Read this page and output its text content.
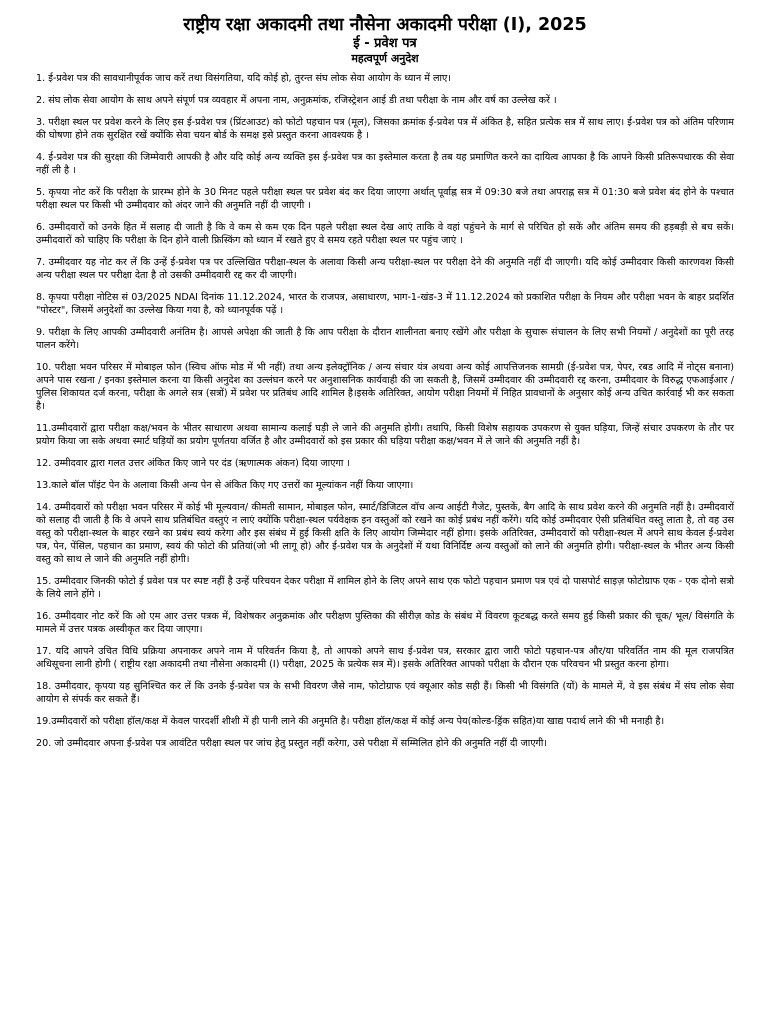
राष्ट्रीय रक्षा अकादमी तथा नौसेना अकादमी परीक्षा (I), 2025
ई - प्रवेश पत्र
महत्वपूर्ण अनुदेश
1. ई-प्रवेश पत्र की सावधानीपूर्वक जाच करें तथा विसंगतिया, यदि कोई हो, तुरन्त संघ लोक सेवा आयोग के ध्यान में लाए।
2. संघ लोक सेवा आयोग के साथ अपने संपूर्ण पत्र व्यवहार में अपना नाम, अनुक्रमांक, रजिस्ट्रेशन आई डी तथा परीक्षा के नाम और वर्ष का उल्लेख करें ।
3. परीक्षा स्थल पर प्रवेश करने के लिए इस ई-प्रवेश पत्र (प्रिंटआउट) को फोटो पहचान पत्र (मूल), जिसका क्रमांक ई-प्रवेश पत्र में अंकित है, सहित प्रत्येक सत्र में साथ लाए। ई-प्रवेश पत्र को अंतिम परिणाम की घोषणा होने तक सुरक्षित रखें क्योंकि सेवा चयन बोर्ड के समक्ष इसे प्रस्तुत करना आवश्यक है ।
4. ई-प्रवेश पत्र की सुरक्षा की जिम्मेवारी आपकी है और यदि कोई अन्य व्यक्ति इस ई-प्रवेश पत्र का इस्तेमाल करता है तब यह प्रमाणित करने का दायित्व आपका है कि आपने किसी प्रतिरूपधारक की सेवा नहीं ली है ।
5. कृपया नोट करें कि परीक्षा के प्रारम्भ होने के 30 मिनट पहले परीक्षा स्थल पर प्रवेश बंद कर दिया जाएगा अर्थात् पूर्वाह्न सत्र में 09:30 बजे तथा अपराह्न सत्र में 01:30 बजे प्रवेश बंद होने के पश्चात परीक्षा स्थल पर किसी भी उम्मीदवार को अंदर जाने की अनुमति नहीं दी जाएगी ।
6. उम्मीदवारों को उनके हित में सलाह दी जाती है कि वे कम से कम एक दिन पहले परीक्षा स्थल देख आएं ताकि वे वहां पहुंचने के मार्ग से परिचित हो सकें और अंतिम समय की हड़बड़ी से बच सकें। उम्मीदवारों को चाहिए कि परीक्षा के दिन होने वाली फ्रिस्किंग को ध्यान में रखते हुए वे समय रहते परीक्षा स्थल पर पहुंच जाएं ।
7. उम्मीदवार यह नोट कर लें कि उन्हें ई-प्रवेश पत्र पर उल्लिखित परीक्षा-स्थल के अलावा किसी अन्य परीक्षा-स्थल पर परीक्षा देने की अनुमति नहीं दी जाएगी। यदि कोई उम्मीदवार किसी कारणवश किसी अन्य परीक्षा स्थल पर परीक्षा देता है तो उसकी उम्मीदवारी रद्द कर दी जाएगी।
8. कृपया परीक्षा नोटिस सं 03/2025 NDAI दिनांक 11.12.2024, भारत के राजपत्र, असाधारण, भाग-1-खंड-3 में 11.12.2024 को प्रकाशित परीक्षा के नियम और परीक्षा भवन के बाहर प्रदर्शित "पोस्टर", जिसमें अनुदेशों का उल्लेख किया गया है, को ध्यानपूर्वक पढ़ें ।
9. परीक्षा के लिए आपकी उम्मीदवारी अनंतिम है। आपसे अपेक्षा की जाती है कि आप परीक्षा के दौरान शालीनता बनाए रखेंगे और परीक्षा के सुचारू संचालन के लिए सभी नियमों / अनुदेशों का पूरी तरह पालन करेंगे।
10. परीक्षा भवन परिसर में मोबाइल फोन (स्विच ऑफ मोड में भी नहीं) तथा अन्य इलेक्ट्रॉनिक / अन्य संचार यंत्र अथवा अन्य कोई आपत्तिजनक सामग्री (ई-प्रवेश पत्र, पेपर, रबड आदि में नोट्स बनाना) अपने पास रखना / इनका इस्तेमाल करना या किसी अनुदेश का उल्लंघन करने पर अनुशासनिक कार्यवाही की जा सकती है, जिसमें उम्मीदवार की उम्मीदवारी रद्द करना, उम्मीदवार के विरुद्ध एफआईआर / पुलिस शिकायत दर्ज करना, परीक्षा के अगले सत्र (सत्रों) में प्रवेश पर प्रतिबंध आदि शामिल है।इसके अतिरिक्त, आयोग परीक्षा नियमों में निहित प्रावधानों के अनुसार कोई अन्य उचित कार्रवाई भी कर सकता है।
11.उम्मीदवारों द्वारा परीक्षा कक्ष/भवन के भीतर साधारण अथवा सामान्य कलाई घड़ी ले जाने की अनुमति होगी। तथापि, किसी विशेष सहायक उपकरण से युक्त घड़िया, जिन्हें संचार उपकरण के तौर पर प्रयोग किया जा सके अथवा स्मार्ट घड़ियों का प्रयोग पूर्णतया वर्जित है और उम्मीदवारों को इस प्रकार की घड़िया परीक्षा कक्ष/भवन में ले जाने की अनुमति नहीं है।
12. उम्मीदवार द्वारा गलत उत्तर अंकित किए जाने पर दंड (ऋणात्मक अंकन) दिया जाएगा ।
13.काले बॉल पॉइंट पेन के अलावा किसी अन्य पेन से अंकित किए गए उत्तरों का मूल्यांकन नहीं किया जाएगा।
14. उम्मीदवारों को परीक्षा भवन परिसर में कोई भी मूल्यवान/ कीमती सामान, मोबाइल फोन, स्मार्ट/डिजिटल वॉच अन्य आईटी गैजेट, पुस्तकें, बैग आदि के साथ प्रवेश करने की अनुमति नहीं है। उम्मीदवारों को सलाह दी जाती है कि वे अपने साथ प्रतिबंधित वस्तुएं न लाएं क्योंकि परीक्षा-स्थल पर्यवेक्षक इन वस्तुओं को रखने का कोई प्रबंध नहीं करेंगे। यदि कोई उम्मीदवार ऐसी प्रतिबंधित वस्तु लाता है, तो वह उस वस्तु को परीक्षा-स्थल के बाहर रखने का प्रबंध स्वयं करेगा और इस संबंध में हुई किसी क्षति के लिए आयोग जिम्मेदार नहीं होगा। इसके अतिरिक्त, उम्मीदवारों को परीक्षा-स्थल में अपने साथ केवल ई-प्रवेश पत्र, पेन, पेंसिल, पहचान का प्रमाण, स्वयं की फोटो की प्रतियां(जो भी लागू हो) और ई-प्रवेश पत्र के अनुदेशों में यथा विनिर्दिष्ट अन्य वस्तुओं को लाने की अनुमति होगी। परीक्षा-स्थल के भीतर अन्य किसी वस्तु को साथ ले जाने की अनुमति नहीं होगी।
15. उम्मीदवार जिनकी फोटो ई प्रवेश पत्र पर स्पष्ट नहीं है उन्हें परिचयन देकर परीक्षा में शामिल होने के लिए अपने साथ एक फोटो पहचान प्रमाण पत्र एवं दो पासपोर्ट साइज़ फोटोग्राफ एक - एक दोनो सत्रो के लिये लाने होंगे ।
16. उम्मीदवार नोट करें कि ओ एम आर उत्तर पत्रक में, विशेषकर अनुक्रमांक और परीक्षण पुस्तिका की सीरीज़ कोड के संबंध में विवरण कूटबद्ध करते समय हुई किसी प्रकार की चूक/ भूल/ विसंगति के मामले में उत्तर पत्रक अस्वीकृत कर दिया जाएगा।
17. यदि आपने उचित विधि प्रक्रिया अपनाकर अपने नाम में परिवर्तन किया है, तो आपको अपने साथ ई-प्रवेश पत्र, सरकार द्वारा जारी फोटो पहचान-पत्र और/या परिवर्तित नाम की मूल राजपत्रित अधिसूचना लानी होगी ( राष्ट्रीय रक्षा अकादमी तथा नौसेना अकादमी (I) परीक्षा, 2025 के प्रत्येक सत्र में)। इसके अतिरिक्त आपको परीक्षा के दौरान एक परिवचन भी प्रस्तुत करना होगा।
18. उम्मीदवार, कृपया यह सुनिश्चित कर लें कि उनके ई-प्रवेश पत्र के सभी विवरण जैसे नाम, फोटोग्राफ एवं क्यूआर कोड सही हैं। किसी भी विसंगति (यों) के मामले में, वे इस संबंध में संघ लोक सेवा आयोग से संपर्क कर सकते हैं।
19.उम्मीदवारों को परीक्षा हॉल/कक्ष में केवल पारदर्शी शीशी में ही पानी लाने की अनुमति है। परीक्षा हॉल/कक्ष में कोई अन्य पेय(कोल्ड-ड्रिंक सहित)या खाद्य पदार्थ लाने की भी मनाही है।
20. जो उम्मीदवार अपना ई-प्रवेश पत्र आवंटित परीक्षा स्थल पर जांच हेतु प्रस्तुत नहीं करेगा, उसे परीक्षा में सम्मिलित होने की अनुमति नहीं दी जाएगी।
